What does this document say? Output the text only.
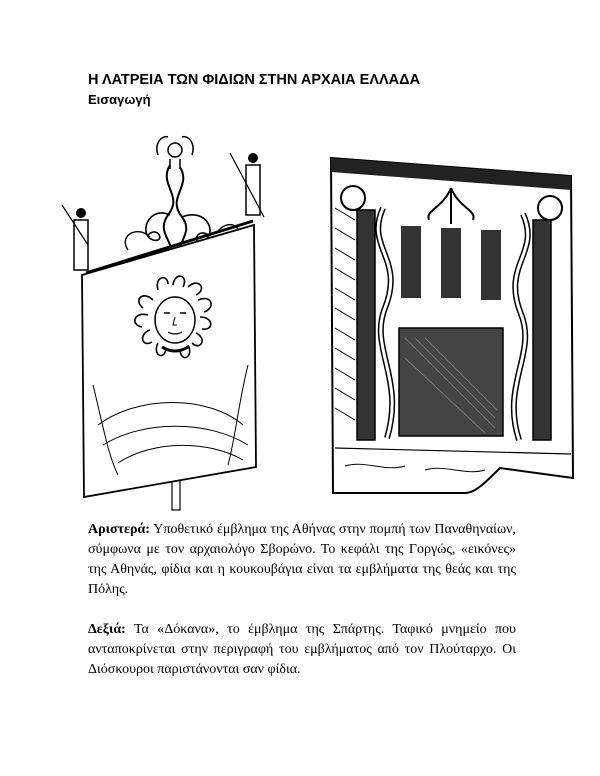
Η ΛΑΤΡΕΙΑ ΤΩΝ ΦΙΔΙΩΝ ΣΤΗΝ ΑΡΧΑΙΑ ΕΛΛΑΔΑ
Εισαγωγή
Αριστερά: Υποθετικό έμβλημα της Αθήνας στην πομπή των Παναθηναίων, σύμφωνα με τον αρχαιολόγο Σβορώνο. Το κεφάλι της Γοργώς, «εικόνες» της Αθηνάς, φίδια και η κουκουβάγια είναι τα εμβλήματα της θεάς και της Πόλης.
Δεξιά: Τα «Δόκανα», το έμβλημα της Σπάρτης. Ταφικό μνημείο που ανταποκρίνεται στην περιγραφή του εμβλήματος από τον Πλούταρχο. Οι Διόσκουροι παριστάνονται σαν φίδια.
